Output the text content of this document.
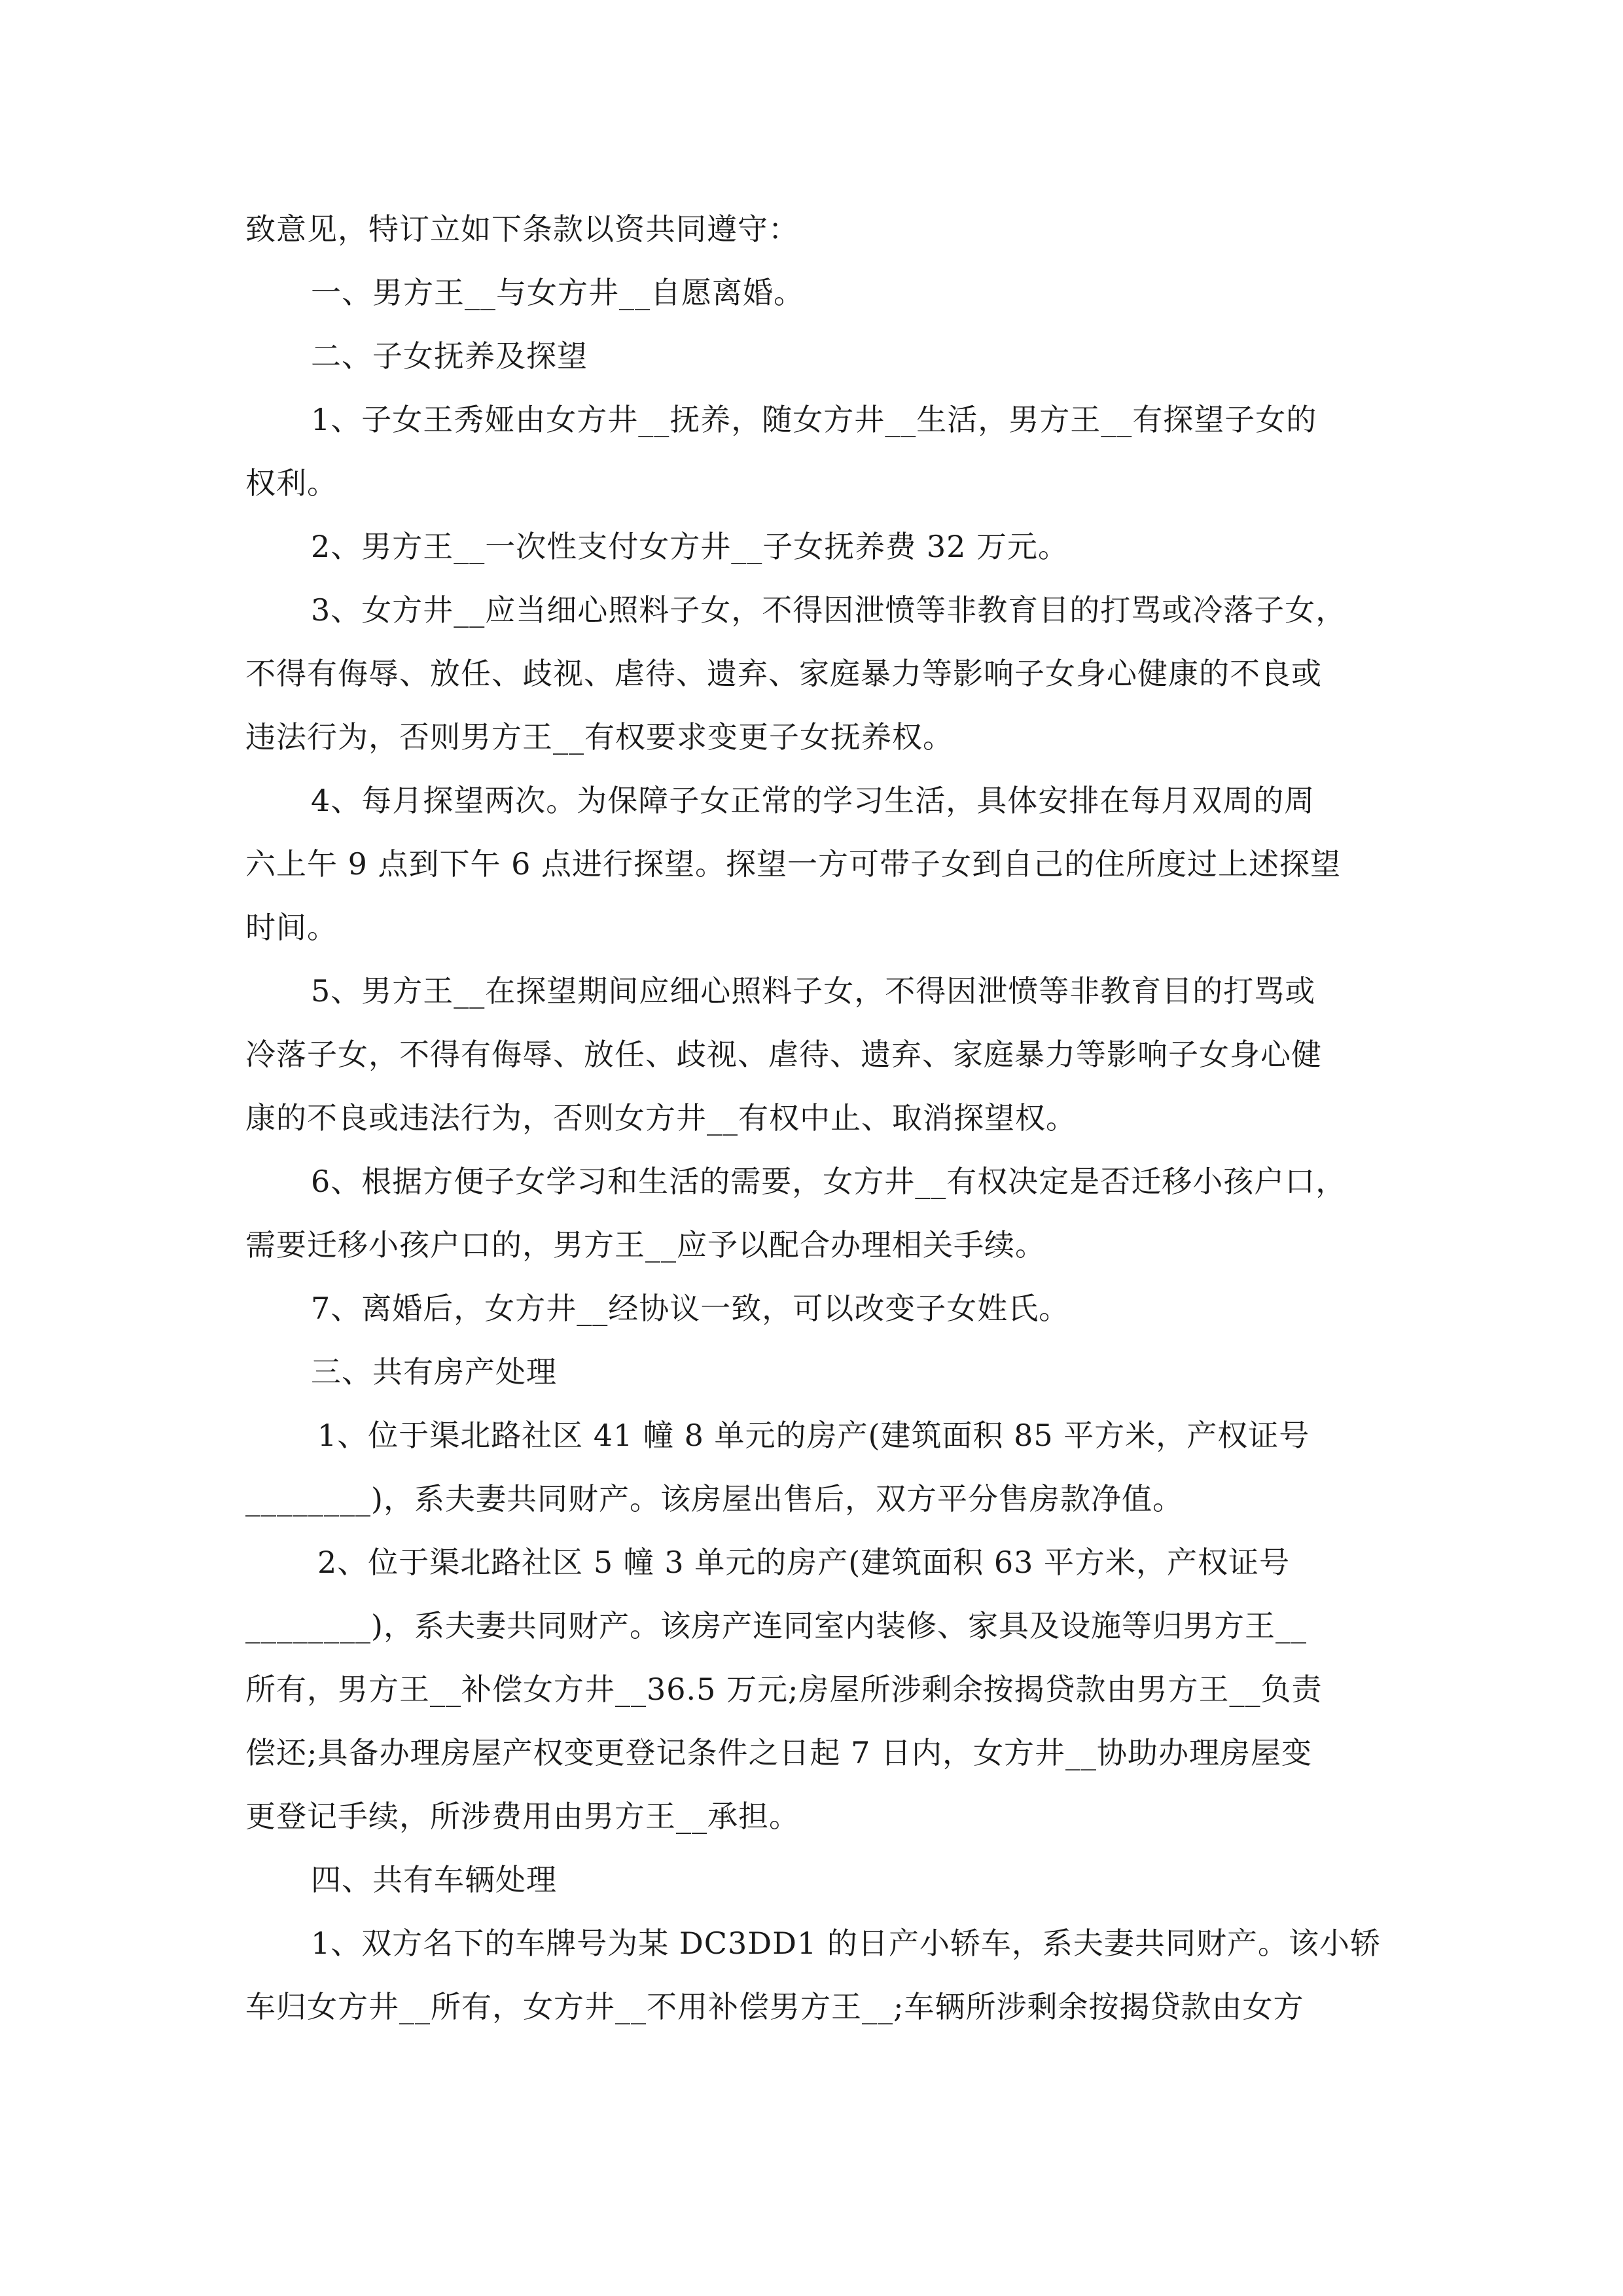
致意见，特订立如下条款以资共同遵守：
一、男方王__与女方井__自愿离婚。
二、子女抚养及探望
1、子女王秀娅由女方井__抚养，随女方井__生活，男方王__有探望子女的
权利。
2、男方王__一次性支付女方井__子女抚养费 32 万元。
3、女方井__应当细心照料子女，不得因泄愤等非教育目的打骂或冷落子女，
不得有侮辱、放任、歧视、虐待、遗弃、家庭暴力等影响子女身心健康的不良或
违法行为，否则男方王__有权要求变更子女抚养权。
4、每月探望两次。为保障子女正常的学习生活，具体安排在每月双周的周
六上午 9 点到下午 6 点进行探望。探望一方可带子女到自己的住所度过上述探望
时间。
5、男方王__在探望期间应细心照料子女，不得因泄愤等非教育目的打骂或
冷落子女，不得有侮辱、放任、歧视、虐待、遗弃、家庭暴力等影响子女身心健
康的不良或违法行为，否则女方井__有权中止、取消探望权。
6、根据方便子女学习和生活的需要，女方井__有权决定是否迁移小孩户口，
需要迁移小孩户口的，男方王__应予以配合办理相关手续。
7、离婚后，女方井__经协议一致，可以改变子女姓氏。
三、共有房产处理
1、位于渠北路社区 41 幢 8 单元的房产(建筑面积 85 平方米，产权证号
________)，系夫妻共同财产。该房屋出售后，双方平分售房款净值。
2、位于渠北路社区 5 幢 3 单元的房产(建筑面积 63 平方米，产权证号
________)，系夫妻共同财产。该房产连同室内装修、家具及设施等归男方王__
所有，男方王__补偿女方井__36.5 万元;房屋所涉剩余按揭贷款由男方王__负责
偿还;具备办理房屋产权变更登记条件之日起 7 日内，女方井__协助办理房屋变
更登记手续，所涉费用由男方王__承担。
四、共有车辆处理
1、双方名下的车牌号为某 DC3DD1 的日产小轿车，系夫妻共同财产。该小轿
车归女方井__所有，女方井__不用补偿男方王__;车辆所涉剩余按揭贷款由女方
